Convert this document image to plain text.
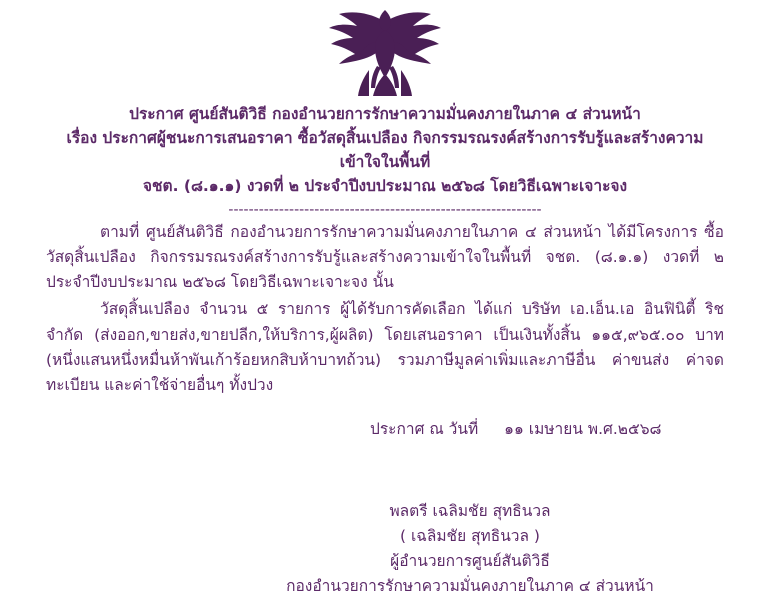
ประกาศ ศูนย์สันติวิธี กองอำนวยการรักษาความมั่นคงภายในภาค ๔ ส่วนหน้า
เรื่อง ประกาศผู้ชนะการเสนอราคา ซื้อวัสดุสิ้นเปลือง กิจกรรมรณรงค์สร้างการรับรู้และสร้างความเข้าใจในพื้นที่
จชต. (๘.๑.๑) งวดที่ ๒ ประจำปีงบประมาณ ๒๕๖๘ โดยวิธีเฉพาะเจาะจง
--------------------------------------------------------------

ตามที่ ศูนย์สันติวิธี กองอำนวยการรักษาความมั่นคงภายในภาค ๔ ส่วนหน้า ได้มีโครงการ ซื้อวัสดุสิ้นเปลือง กิจกรรมรณรงค์สร้างการรับรู้และสร้างความเข้าใจในพื้นที่ จชต. (๘.๑.๑) งวดที่ ๒ ประจำปีงบประมาณ ๒๕๖๘ โดยวิธีเฉพาะเจาะจง นั้น

วัสดุสิ้นเปลือง จำนวน ๕ รายการ ผู้ได้รับการคัดเลือก ได้แก่ บริษัท เอ.เอ็น.เอ อินฟินิตี้ ริช จำกัด (ส่งออก,ขายส่ง,ขายปลีก,ให้บริการ,ผู้ผลิต) โดยเสนอราคา เป็นเงินทั้งสิ้น ๑๑๕,๙๖๕.๐๐ บาท (หนึ่งแสนหนึ่งหมื่นห้าพันเก้าร้อยหกสิบห้าบาทถ้วน) รวมภาษีมูลค่าเพิ่มและภาษีอื่น ค่าขนส่ง ค่าจดทะเบียน และค่าใช้จ่ายอื่นๆ ทั้งปวง

ประกาศ ณ วันที่ ๑๑ เมษายน พ.ศ.๒๕๖๘
พลตรี เฉลิมชัย สุทธินวล
( เฉลิมชัย สุทธินวล )
ผู้อำนวยการศูนย์สันติวิธี
กองอำนวยการรักษาความมั่นคงภายในภาค ๔ ส่วนหน้า
